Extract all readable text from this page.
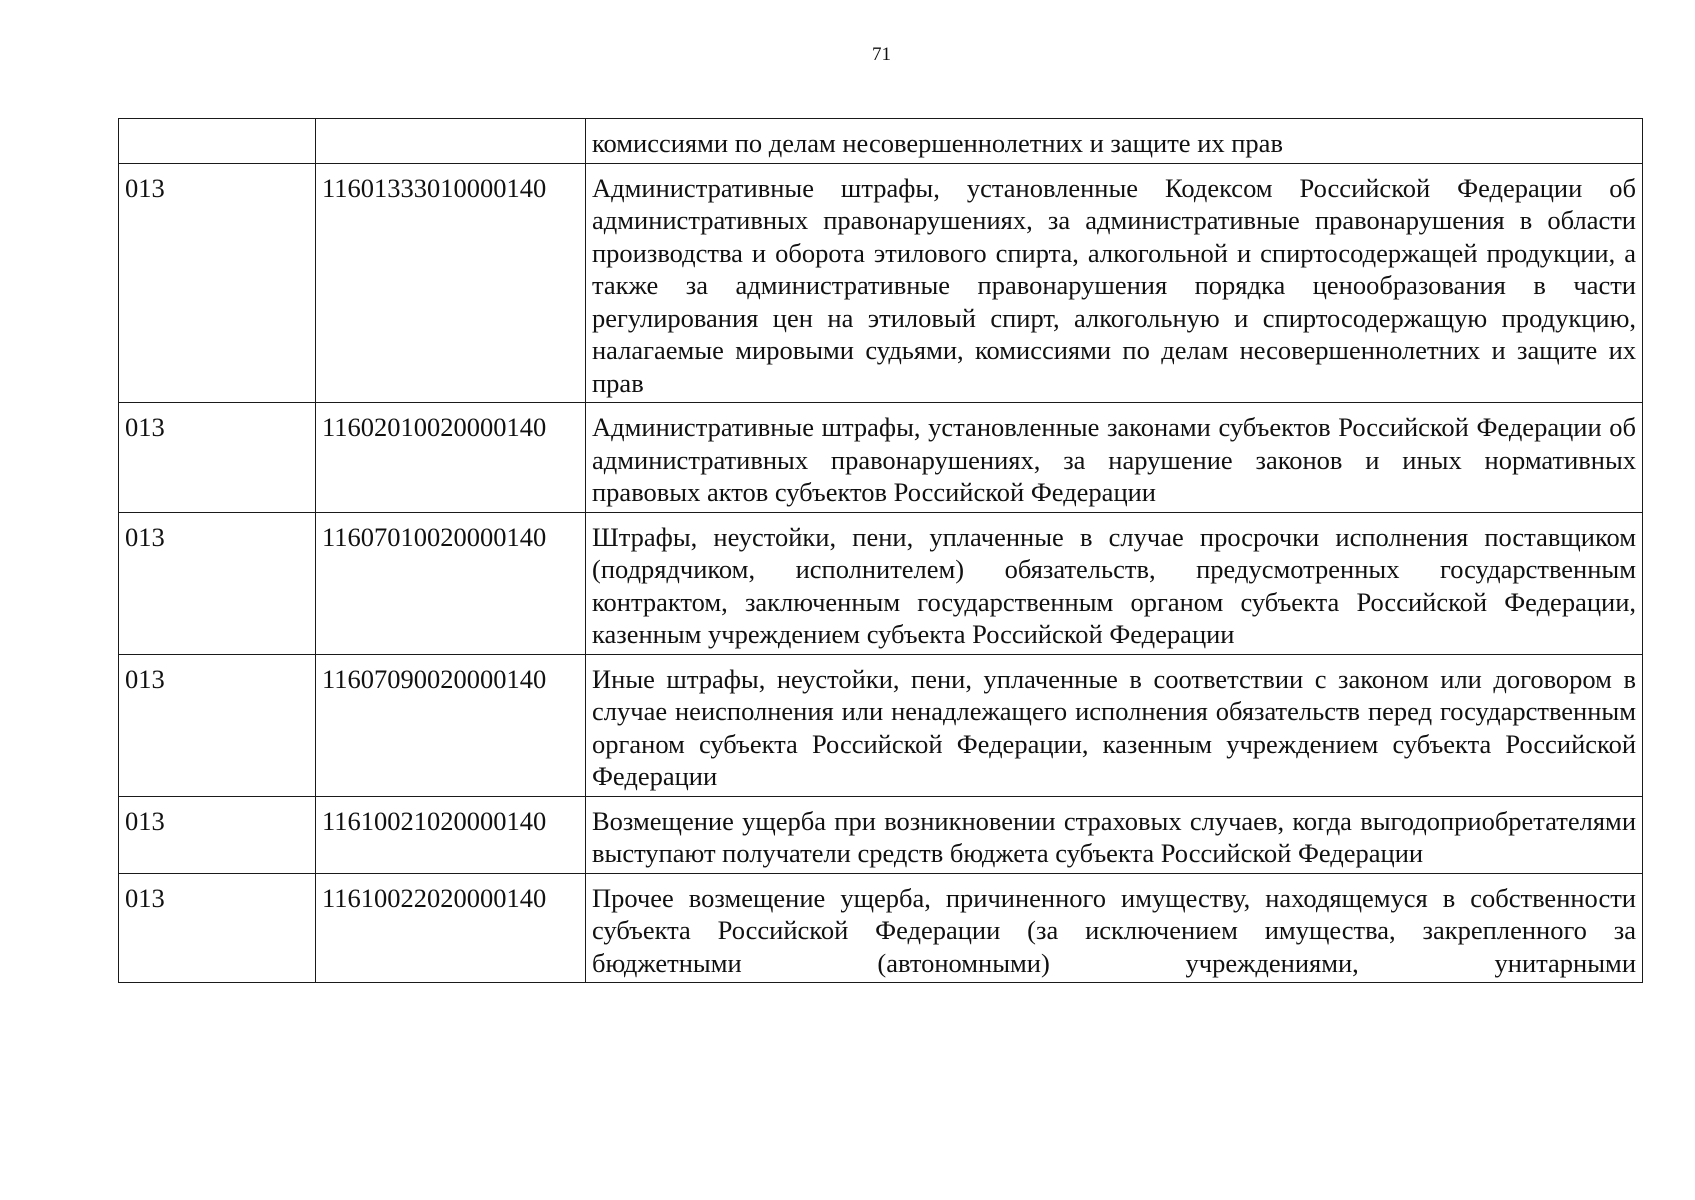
71
		комиссиями по делам несовершеннолетних и защите их прав
013	11601333010000140	Административные штрафы, установленные Кодексом Российской Федерации об административных правонарушениях, за административные правонарушения в области производства и оборота этилового спирта, алкогольной и спиртосодержащей продукции, а также за административные правонарушения порядка ценообразования в части регулирования цен на этиловый спирт, алкогольную и спиртосодержащую продукцию, налагаемые мировыми судьями, комиссиями по делам несовершеннолетних и защите их прав
013	11602010020000140	Административные штрафы, установленные законами субъектов Российской Федерации об административных правонарушениях, за нарушение законов и иных нормативных правовых актов субъектов Российской Федерации
013	11607010020000140	Штрафы, неустойки, пени, уплаченные в случае просрочки исполнения поставщиком (подрядчиком, исполнителем) обязательств, предусмотренных государственным контрактом, заключенным государственным органом субъекта Российской Федерации, казенным учреждением субъекта Российской Федерации
013	11607090020000140	Иные штрафы, неустойки, пени, уплаченные в соответствии с законом или договором в случае неисполнения или ненадлежащего исполнения обязательств перед государственным органом субъекта Российской Федерации, казенным учреждением субъекта Российской Федерации
013	11610021020000140	Возмещение ущерба при возникновении страховых случаев, когда выгодоприобретателями выступают получатели средств бюджета субъекта Российской Федерации
013	11610022020000140	Прочее возмещение ущерба, причиненного имуществу, находящемуся в собственности субъекта Российской Федерации (за исключением имущества, закрепленного за бюджетными (автономными) учреждениями, унитарными
